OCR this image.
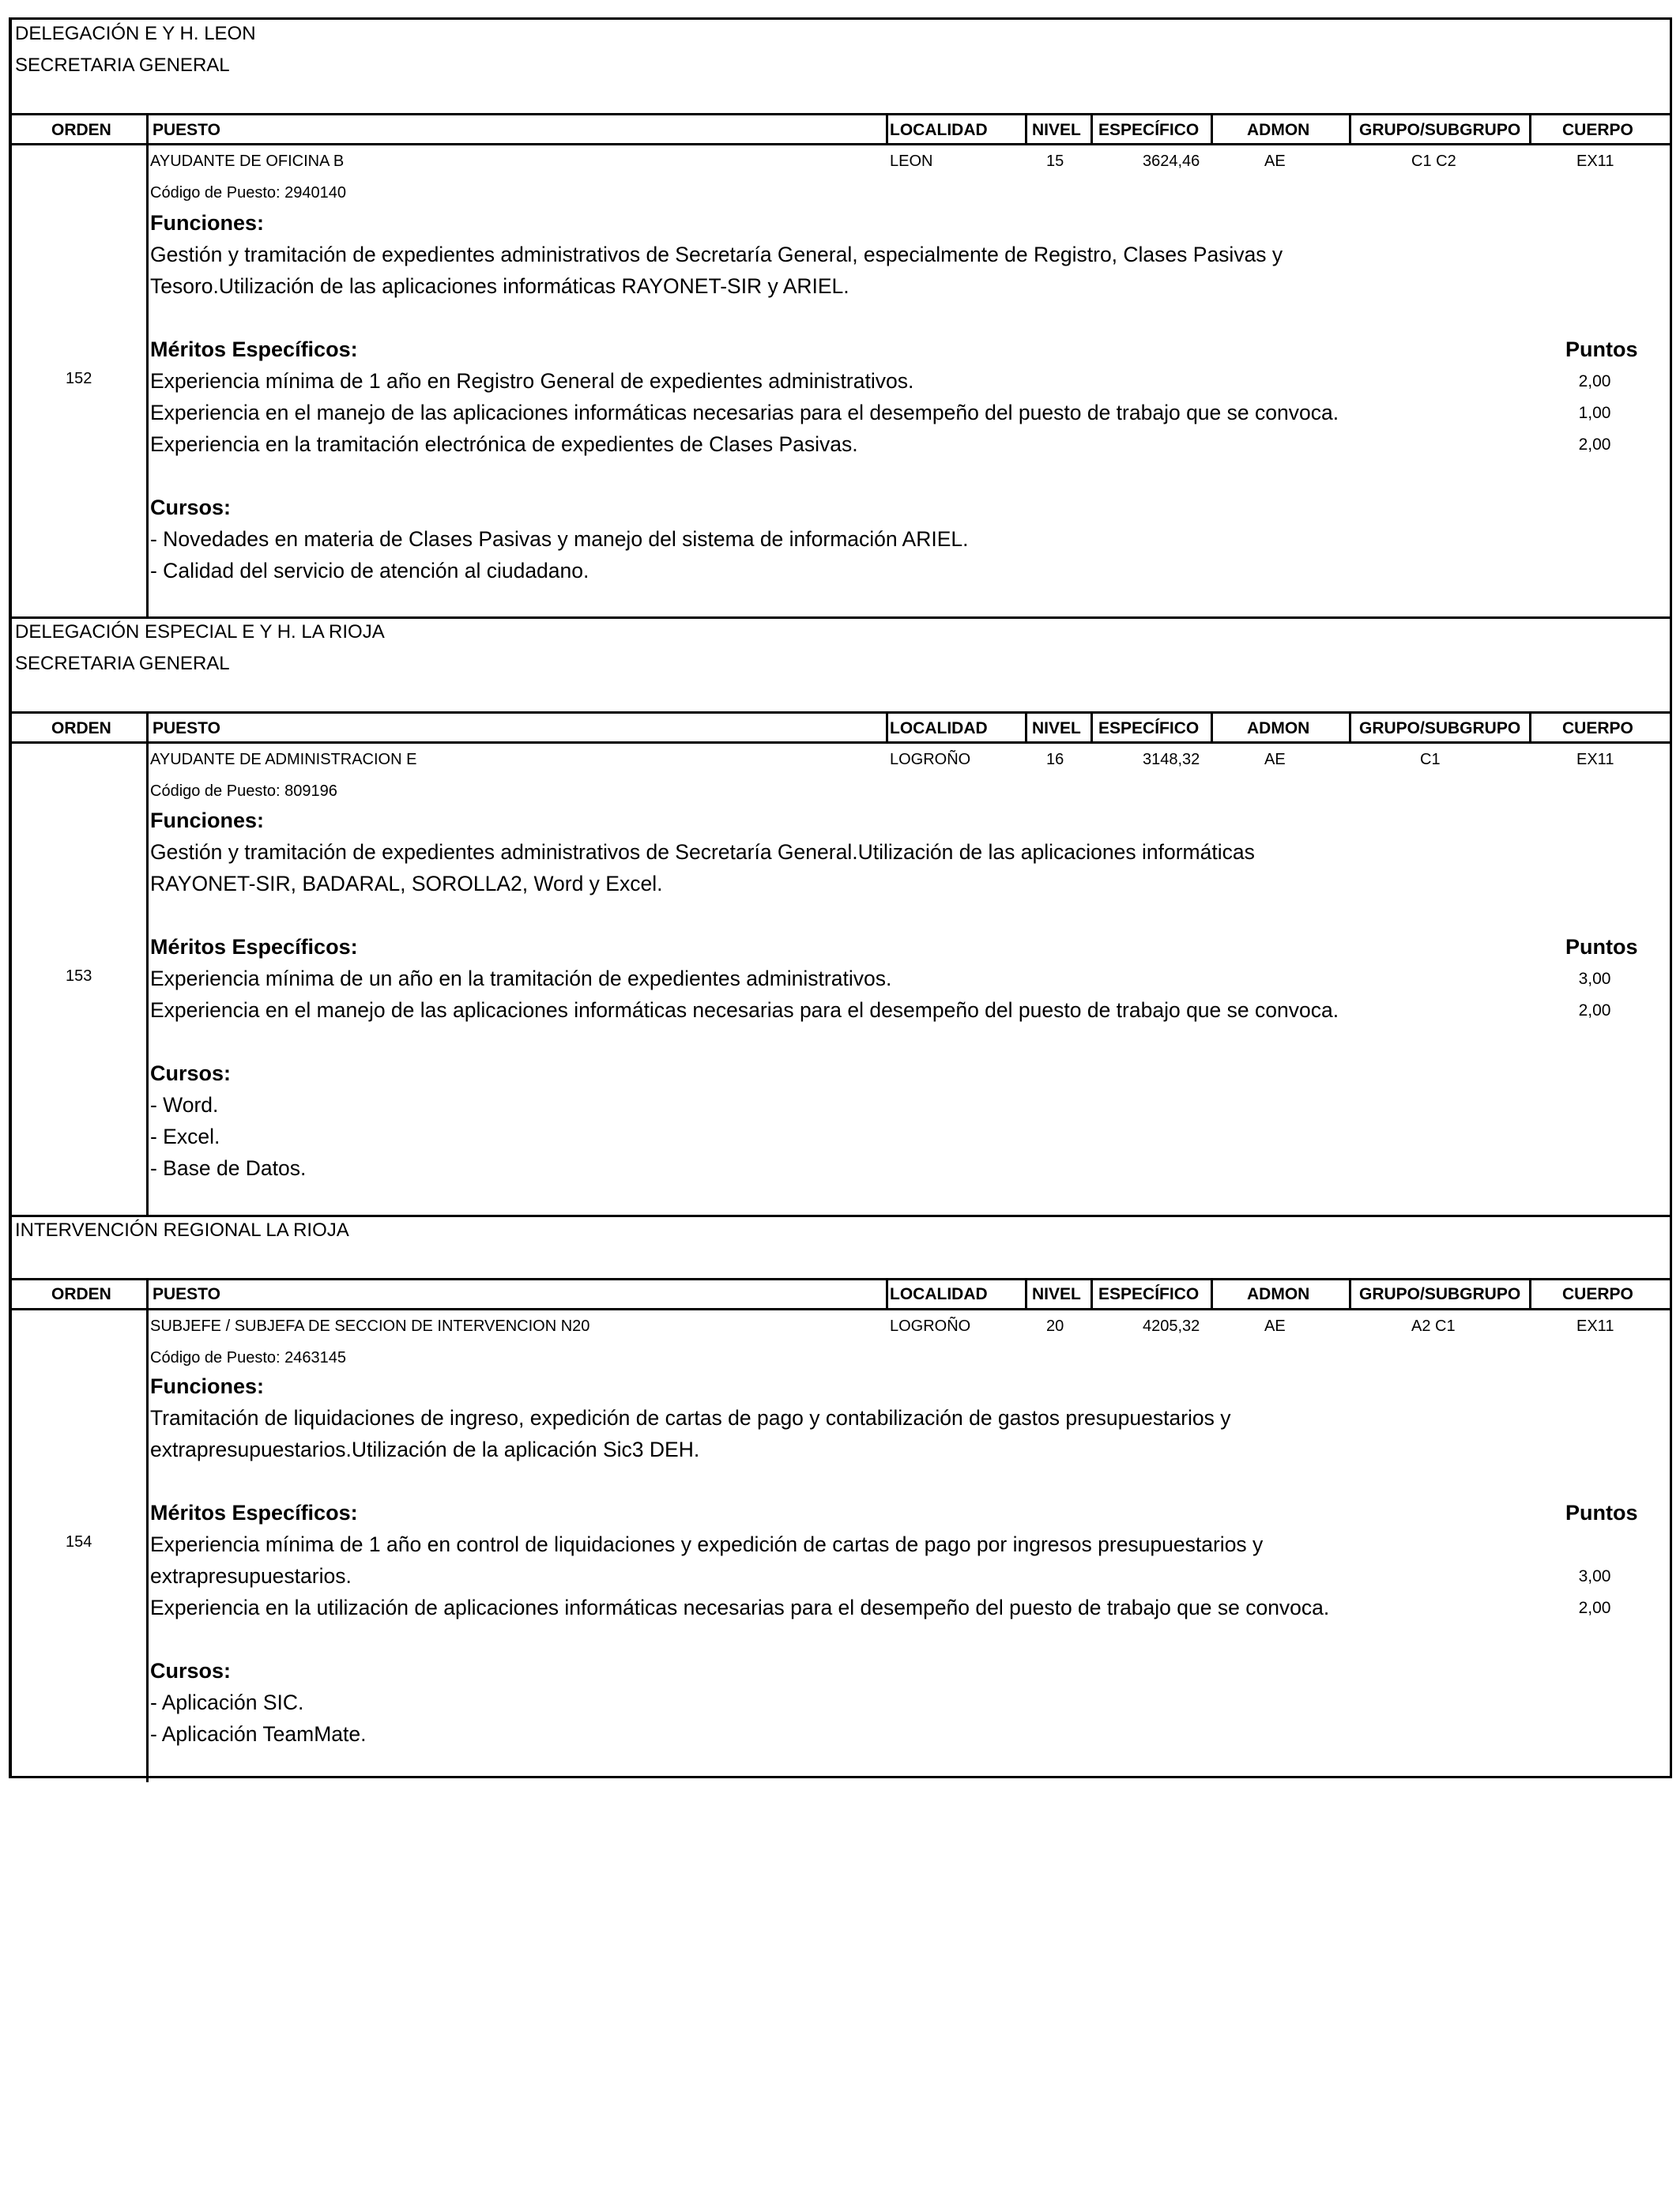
DELEGACIÓN E Y H. LEON
SECRETARIA GENERAL
ORDEN PUESTO	LOCALIDAD	NIVEL ESPECÍFICO	ADMON	GRUPO/SUBGRUPO	CUERPO
152
AYUDANTE DE OFICINA B	LEON	15	3624,46	AE	C1 C2	EX11
Código de Puesto: 2940140
Funciones:
Gestión y tramitación de expedientes administrativos de Secretaría General, especialmente de Registro, Clases Pasivas y
Tesoro.Utilización de las aplicaciones informáticas RAYONET-SIR y ARIEL.
Méritos Específicos:	Puntos
Experiencia mínima de 1 año en Registro General de expedientes administrativos.	2,00
Experiencia en el manejo de las aplicaciones informáticas necesarias para el desempeño del puesto de trabajo que se convoca.	1,00
Experiencia en la tramitación electrónica de expedientes de Clases Pasivas.	2,00
Cursos:
- Novedades en materia de Clases Pasivas y manejo del sistema de información ARIEL.
- Calidad del servicio de atención al ciudadano.
DELEGACIÓN ESPECIAL E Y H. LA RIOJA
SECRETARIA GENERAL
ORDEN PUESTO	LOCALIDAD	NIVEL ESPECÍFICO	ADMON	GRUPO/SUBGRUPO	CUERPO
153
AYUDANTE DE ADMINISTRACION E	LOGROÑO	16	3148,32	AE	C1	EX11
Código de Puesto: 809196
Funciones:
Gestión y tramitación de expedientes administrativos de Secretaría General.Utilización de las aplicaciones informáticas
RAYONET-SIR, BADARAL, SOROLLA2, Word y Excel.
Méritos Específicos:	Puntos
Experiencia mínima de un año en la tramitación de expedientes administrativos.	3,00
Experiencia en el manejo de las aplicaciones informáticas necesarias para el desempeño del puesto de trabajo que se convoca.	2,00
Cursos:
- Word.
- Excel.
- Base de Datos.
INTERVENCIÓN REGIONAL LA RIOJA
ORDEN PUESTO	LOCALIDAD	NIVEL ESPECÍFICO	ADMON	GRUPO/SUBGRUPO	CUERPO
154
SUBJEFE / SUBJEFA DE SECCION DE INTERVENCION N20	LOGROÑO	20	4205,32	AE	A2 C1	EX11
Código de Puesto: 2463145
Funciones:
Tramitación de liquidaciones de ingreso, expedición de cartas de pago y contabilización de gastos presupuestarios y
extrapresupuestarios.Utilización de la aplicación Sic3 DEH.
Méritos Específicos:	Puntos
Experiencia mínima de 1 año en control de liquidaciones y expedición de cartas de pago por ingresos presupuestarios y
extrapresupuestarios.	3,00
Experiencia en la utilización de aplicaciones informáticas necesarias para el desempeño del puesto de trabajo que se convoca.	2,00
Cursos:
- Aplicación SIC.
- Aplicación TeamMate.
